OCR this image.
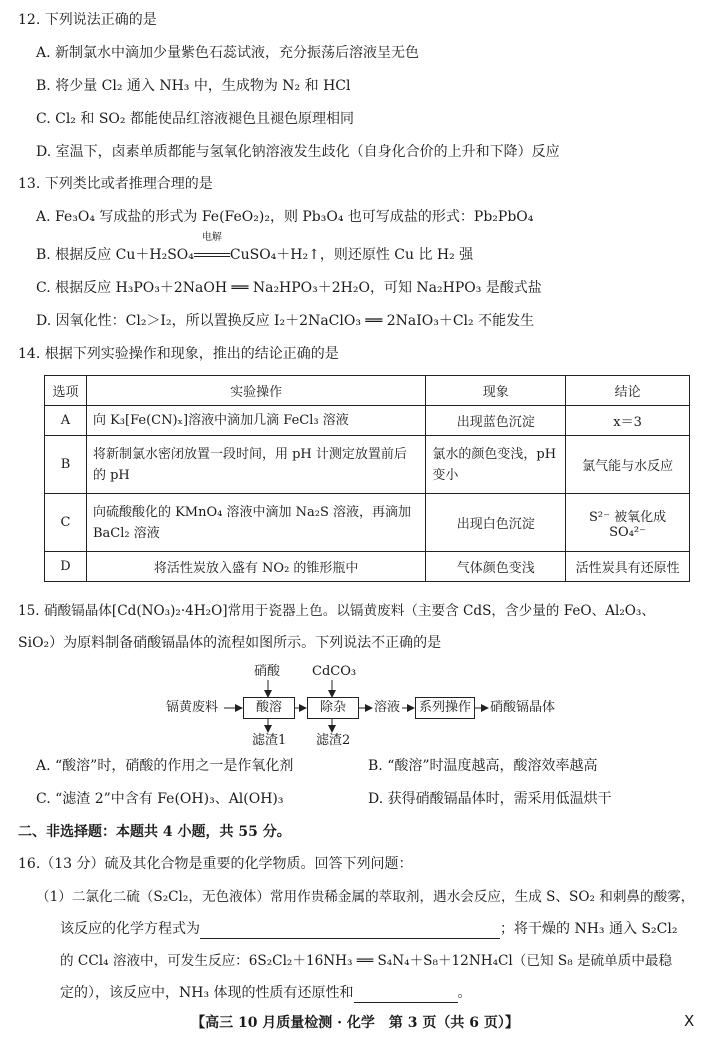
12. 下列说法正确的是
A. 新制氯水中滴加少量紫色石蕊试液，充分振荡后溶液呈无色
B. 将少量 Cl₂ 通入 NH₃ 中，生成物为 N₂ 和 HCl
C. Cl₂ 和 SO₂ 都能使品红溶液褪色且褪色原理相同
D. 室温下，卤素单质都能与氢氧化钠溶液发生歧化（自身化合价的上升和下降）反应
13. 下列类比或者推理合理的是
A. Fe₃O₄ 写成盐的形式为 Fe(FeO₂)₂，则 Pb₃O₄ 也可写成盐的形式：Pb₂PbO₄
B. 根据反应 Cu＋H₂SO₄
电解
CuSO₄＋H₂↑，则还原性 Cu 比 H₂ 强
C. 根据反应 H₃PO₃＋2NaOH ══ Na₂HPO₃＋2H₂O，可知 Na₂HPO₃ 是酸式盐
D. 因氧化性：Cl₂＞I₂，所以置换反应 I₂＋2NaClO₃ ══ 2NaIO₃＋Cl₂ 不能发生
14. 根据下列实验操作和现象，推出的结论正确的是
选项	实验操作	现象	结论
A	向 K₃[Fe(CN)ₓ]溶液中滴加几滴 FeCl₃ 溶液	出现蓝色沉淀	x＝3
B	将新制氯水密闭放置一段时间，用 pH 计测定放置前后的 pH	氯水的颜色变浅，pH 变小	氯气能与水反应
C	向硫酸酸化的 KMnO₄ 溶液中滴加 Na₂S 溶液，再滴加 BaCl₂ 溶液	出现白色沉淀	S²⁻ 被氧化成 SO₄²⁻
D	将活性炭放入盛有 NO₂ 的锥形瓶中	气体颜色变浅	活性炭具有还原性
15. 硝酸镉晶体[Cd(NO₃)₂·4H₂O]常用于瓷器上色。以镉黄废料（主要含 CdS，含少量的 FeO、Al₂O₃、
SiO₂）为原料制备硝酸镉晶体的流程如图所示。下列说法不正确的是
镉黄废料	酸溶	除杂	溶液	系列操作	硝酸镉晶体
硝酸 CdCO₃
滤渣1 滤渣2
A. “酸溶”时，硝酸的作用之一是作氧化剂	B. “酸溶”时温度越高，酸溶效率越高
C. “滤渣 2”中含有 Fe(OH)₃、Al(OH)₃	D. 获得硝酸镉晶体时，需采用低温烘干
二、非选择题：本题共 4 小题，共 55 分。
16.（13 分）硫及其化合物是重要的化学物质。回答下列问题：
（1）二氯化二硫（S₂Cl₂，无色液体）常用作贵稀金属的萃取剂，遇水会反应，生成 S、SO₂ 和刺鼻的酸雾，
该反应的化学方程式为	；将干燥的 NH₃ 通入 S₂Cl₂
的 CCl₄ 溶液中，可发生反应：6S₂Cl₂＋16NH₃ ══ S₄N₄＋S₈＋12NH₄Cl（已知 S₈ 是硫单质中最稳
定的），该反应中，NH₃ 体现的性质有还原性和	。
【高三 10 月质量检测 · 化学　第 3 页（共 6 页）】	X
